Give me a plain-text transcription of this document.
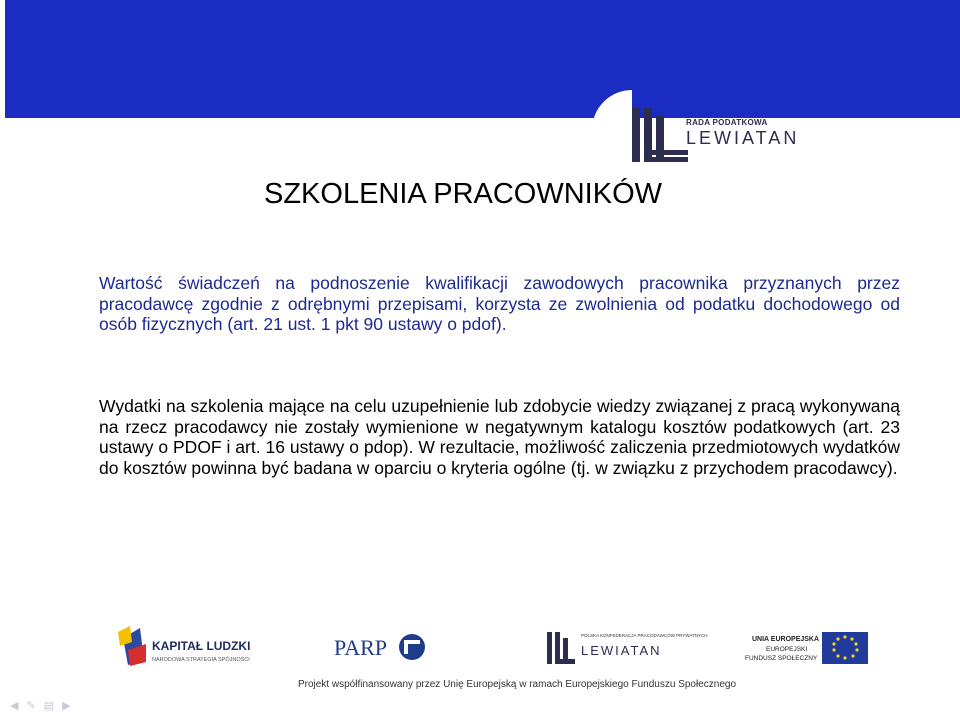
RADA PODATKOWA
LEWIATAN
SZKOLENIA PRACOWNIKÓW

Wartość świadczeń na podnoszenie kwalifikacji zawodowych pracownika przyznanych przez pracodawcę zgodnie z odrębnymi przepisami, korzysta ze zwolnienia od podatku dochodowego od osób fizycznych (art. 21 ust. 1 pkt 90 ustawy o pdof).

Wydatki na szkolenia mające na celu uzupełnienie lub zdobycie wiedzy związanej z pracą wykonywaną na rzecz pracodawcy nie zostały wymienione w negatywnym katalogu kosztów podatkowych (art. 23 ustawy o PDOF i art. 16 ustawy o pdop). W rezultacie, możliwość zaliczenia przedmiotowych wydatków do kosztów powinna być badana w oparciu o kryteria ogólne (tj. w związku z przychodem pracodawcy).

KAPITAŁ LUDZKI
NARODOWA STRATEGIA SPÓJNOŚCI	PARP	POLSKA KONFEDERACJA PRACODAWCÓW PRYWATNYCH
LEWIATAN
UNIA EUROPEJSKA
EUROPEJSKI
FUNDUSZ SPOŁECZNY
Projekt współfinansowany przez Unię Europejską w ramach Europejskiego Funduszu Społecznego
◀ ✎ ▤ ▶
